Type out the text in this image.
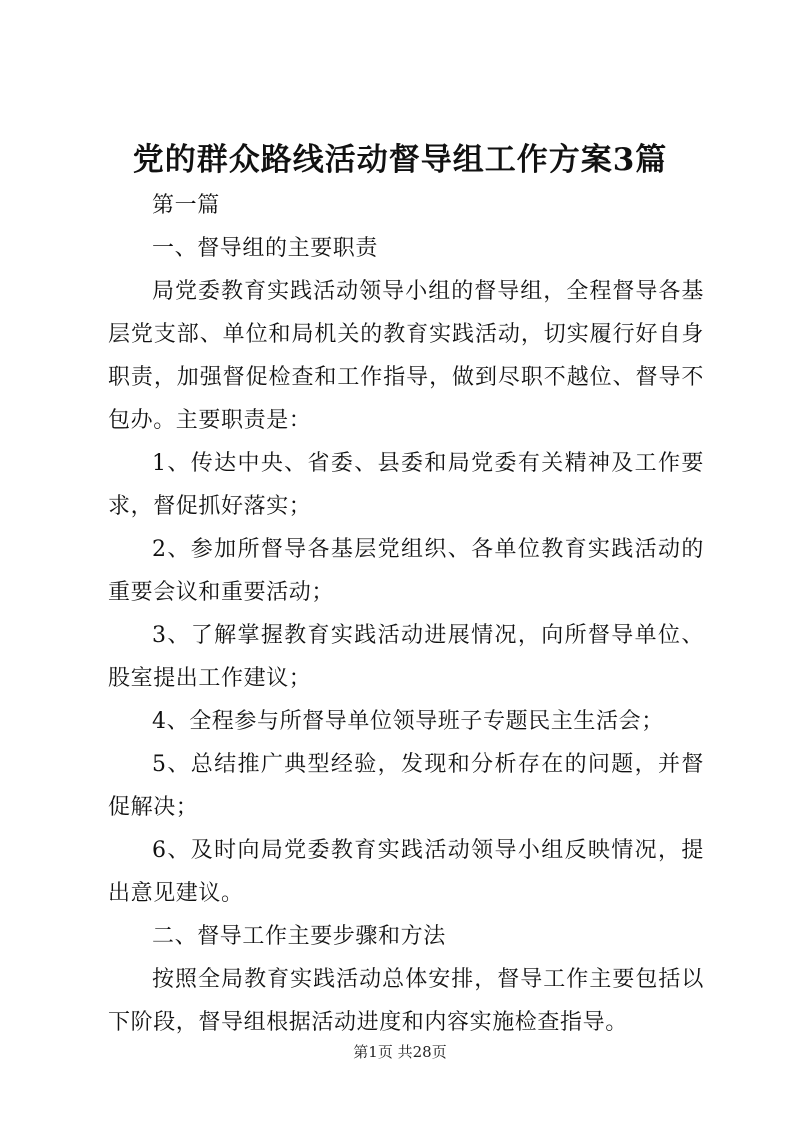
党的群众路线活动督导组工作方案3篇

第一篇

一、督导组的主要职责

局党委教育实践活动领导小组的督导组，全程督导各基层党支部、单位和局机关的教育实践活动，切实履行好自身职责，加强督促检查和工作指导，做到尽职不越位、督导不包办。主要职责是：

1、传达中央、省委、县委和局党委有关精神及工作要求，督促抓好落实；

2、参加所督导各基层党组织、各单位教育实践活动的重要会议和重要活动；

3、了解掌握教育实践活动进展情况，向所督导单位、股室提出工作建议；

4、全程参与所督导单位领导班子专题民主生活会；

5、总结推广典型经验，发现和分析存在的问题，并督促解决；

6、及时向局党委教育实践活动领导小组反映情况，提出意见建议。

二、督导工作主要步骤和方法

按照全局教育实践活动总体安排，督导工作主要包括以下阶段，督导组根据活动进度和内容实施检查指导。

第1页 共28页
